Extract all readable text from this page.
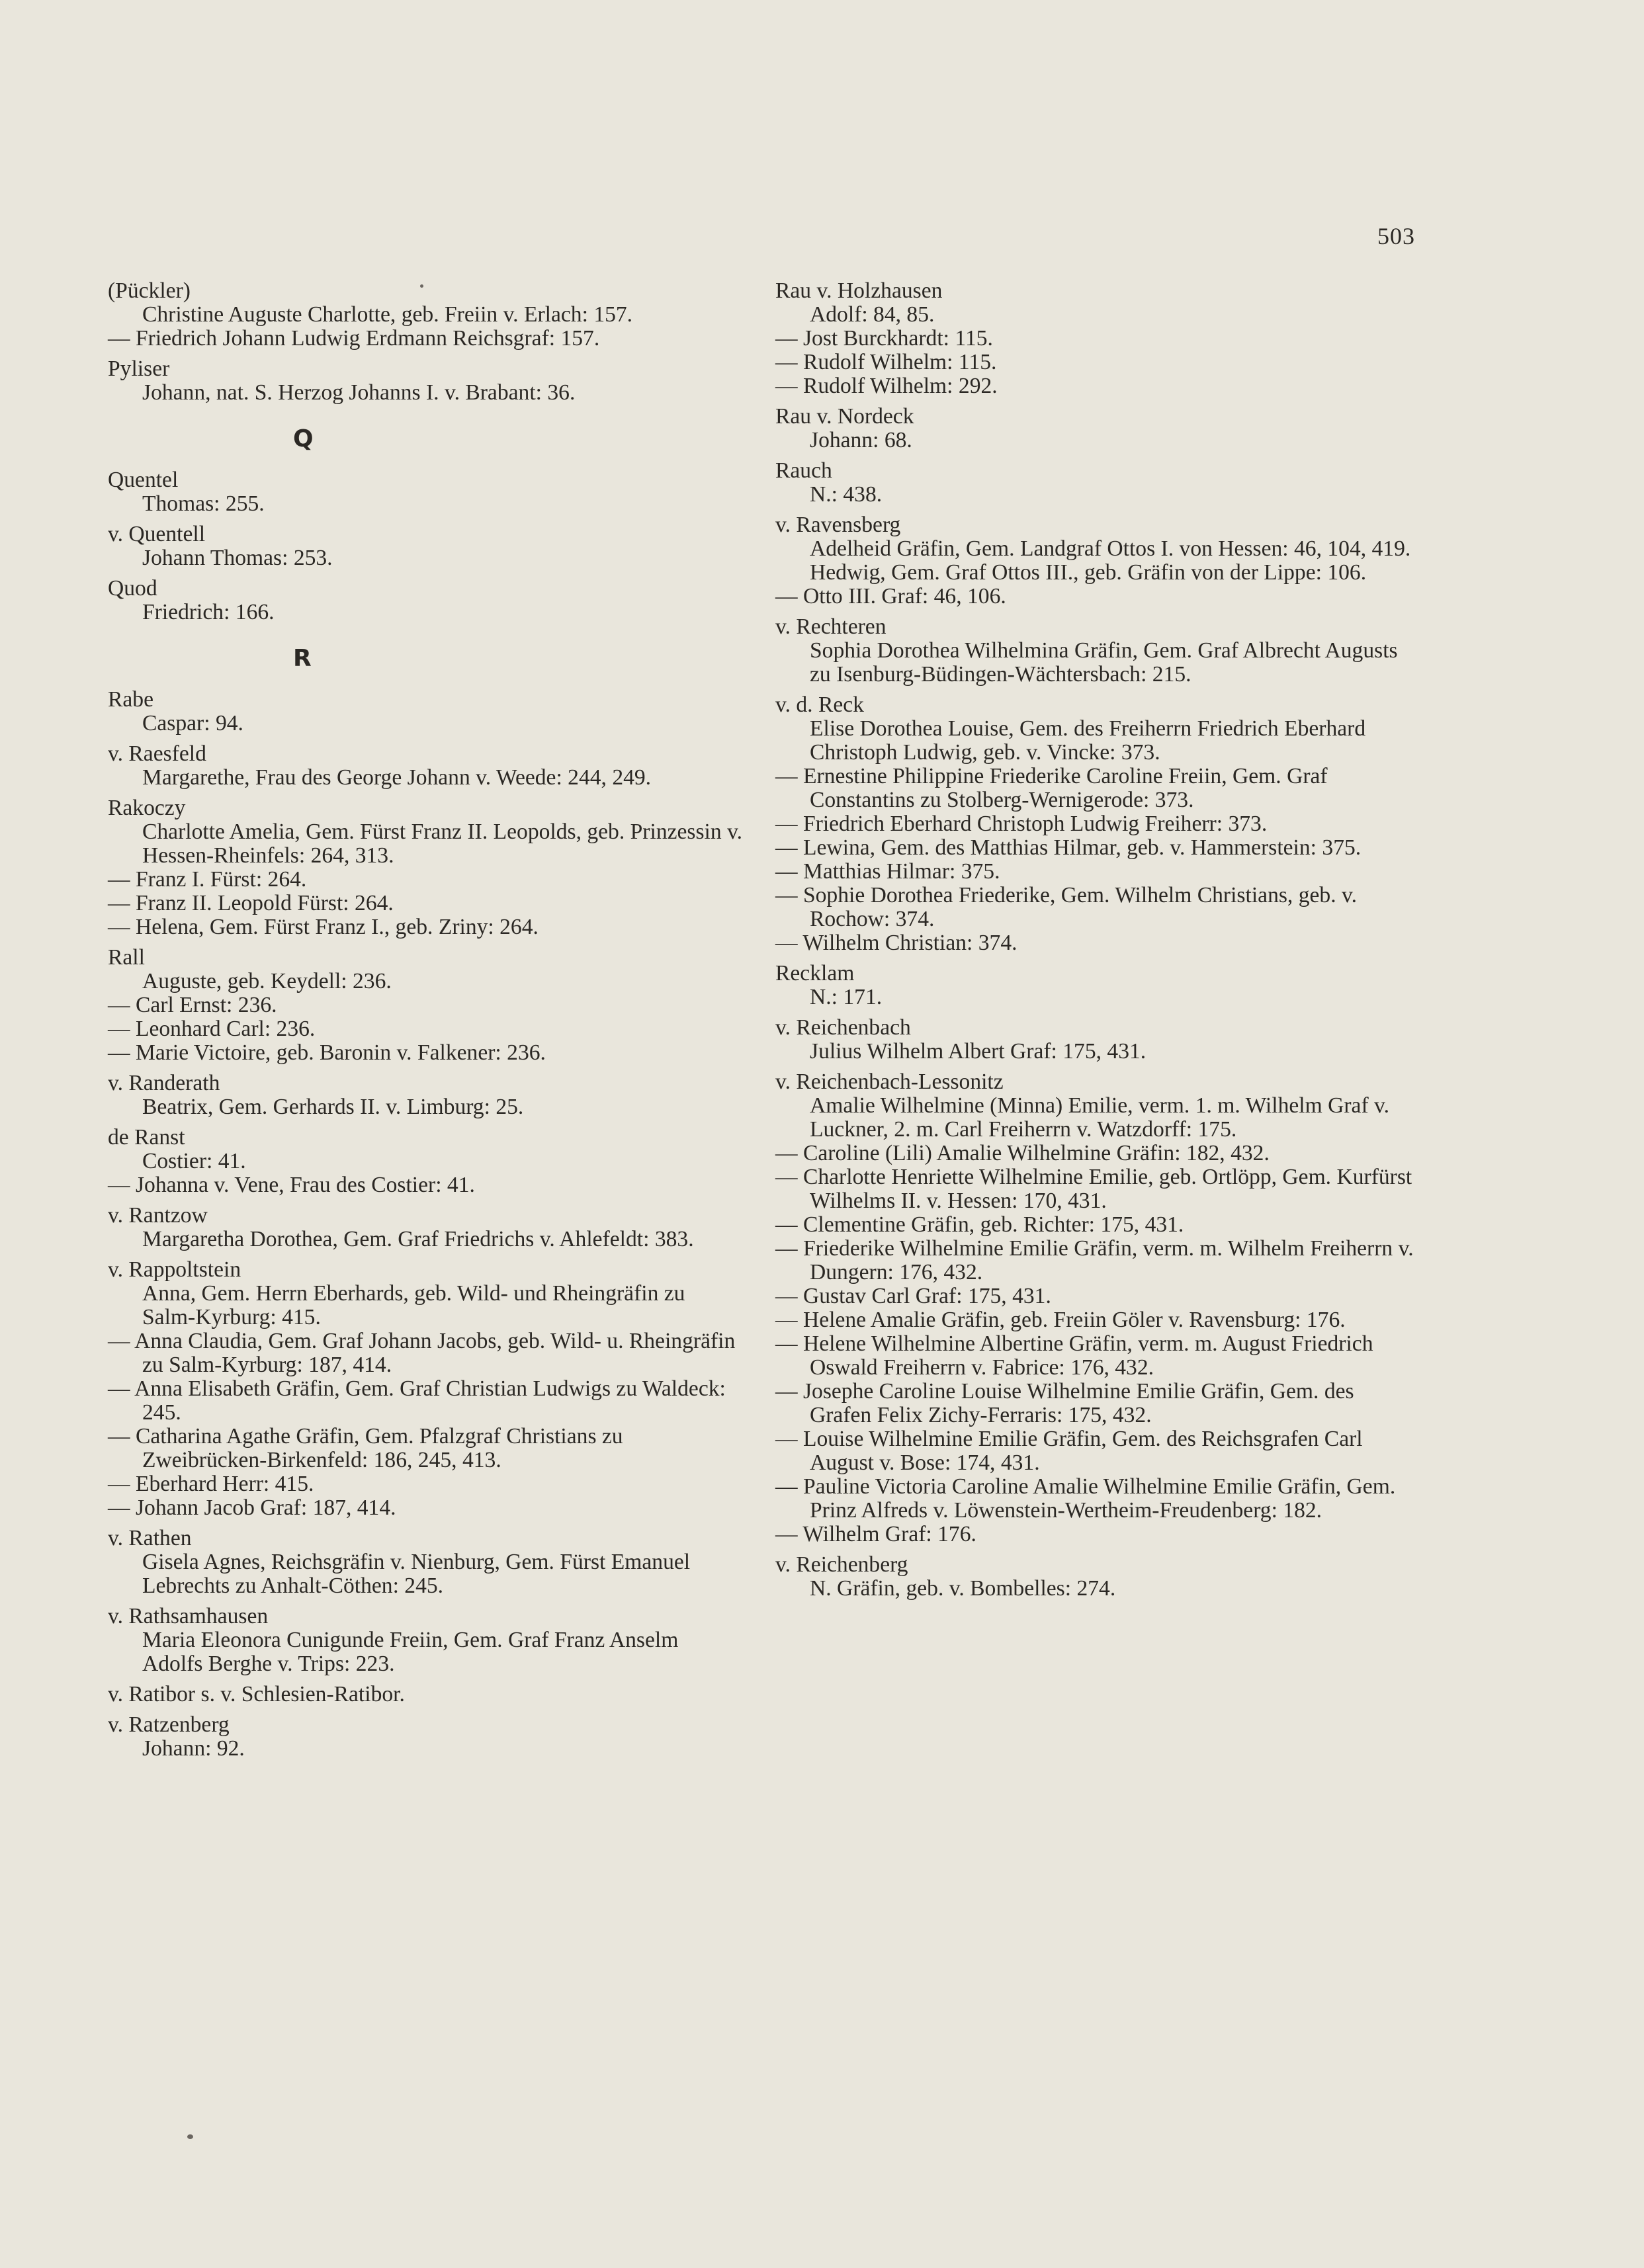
503
(Pückler)
Christine Auguste Charlotte, geb. Freiin v. Erlach: 157.
— Friedrich Johann Ludwig Erdmann Reichsgraf: 157.
Pyliser
Johann, nat. S. Herzog Johanns I. v. Brabant: 36.
Q
Quentel
Thomas: 255.
v. Quentell
Johann Thomas: 253.
Quod
Friedrich: 166.
R
Rabe
Caspar: 94.
v. Raesfeld
Margarethe, Frau des George Johann v. Weede: 244, 249.
Rakoczy
Charlotte Amelia, Gem. Fürst Franz II. Leopolds, geb. Prinzessin v. Hessen-Rheinfels: 264, 313.
— Franz I. Fürst: 264.
— Franz II. Leopold Fürst: 264.
— Helena, Gem. Fürst Franz I., geb. Zriny: 264.
Rall
Auguste, geb. Keydell: 236.
— Carl Ernst: 236.
— Leonhard Carl: 236.
— Marie Victoire, geb. Baronin v. Falkener: 236.
v. Randerath
Beatrix, Gem. Gerhards II. v. Limburg: 25.
de Ranst
Costier: 41.
— Johanna v. Vene, Frau des Costier: 41.
v. Rantzow
Margaretha Dorothea, Gem. Graf Friedrichs v. Ahlefeldt: 383.
v. Rappoltstein
Anna, Gem. Herrn Eberhards, geb. Wild- und Rheingräfin zu Salm-Kyrburg: 415.
— Anna Claudia, Gem. Graf Johann Jacobs, geb. Wild- u. Rheingräfin zu Salm-Kyrburg: 187, 414.
— Anna Elisabeth Gräfin, Gem. Graf Christian Ludwigs zu Waldeck: 245.
— Catharina Agathe Gräfin, Gem. Pfalzgraf Christians zu Zweibrücken-Birkenfeld: 186, 245, 413.
— Eberhard Herr: 415.
— Johann Jacob Graf: 187, 414.
v. Rathen
Gisela Agnes, Reichsgräfin v. Nienburg, Gem. Fürst Emanuel Lebrechts zu Anhalt-Cöthen: 245.
v. Rathsamhausen
Maria Eleonora Cunigunde Freiin, Gem. Graf Franz Anselm Adolfs Berghe v. Trips: 223.
v. Ratibor s. v. Schlesien-Ratibor.
v. Ratzenberg
Johann: 92.
Rau v. Holzhausen
Adolf: 84, 85.
— Jost Burckhardt: 115.
— Rudolf Wilhelm: 115.
— Rudolf Wilhelm: 292.
Rau v. Nordeck
Johann: 68.
Rauch
N.: 438.
v. Ravensberg
Adelheid Gräfin, Gem. Landgraf Ottos I. von Hessen: 46, 104, 419.
Hedwig, Gem. Graf Ottos III., geb. Gräfin von der Lippe: 106.
— Otto III. Graf: 46, 106.
v. Rechteren
Sophia Dorothea Wilhelmina Gräfin, Gem. Graf Albrecht Augusts zu Isenburg-Büdingen-Wächtersbach: 215.
v. d. Reck
Elise Dorothea Louise, Gem. des Freiherrn Friedrich Eberhard Christoph Ludwig, geb. v. Vincke: 373.
— Ernestine Philippine Friederike Caroline Freiin, Gem. Graf Constantins zu Stolberg-Wernigerode: 373.
— Friedrich Eberhard Christoph Ludwig Freiherr: 373.
— Lewina, Gem. des Matthias Hilmar, geb. v. Hammerstein: 375.
— Matthias Hilmar: 375.
— Sophie Dorothea Friederike, Gem. Wilhelm Christians, geb. v. Rochow: 374.
— Wilhelm Christian: 374.
Recklam
N.: 171.
v. Reichenbach
Julius Wilhelm Albert Graf: 175, 431.
v. Reichenbach-Lessonitz
Amalie Wilhelmine (Minna) Emilie, verm. 1. m. Wilhelm Graf v. Luckner, 2. m. Carl Freiherrn v. Watzdorff: 175.
— Caroline (Lili) Amalie Wilhelmine Gräfin: 182, 432.
— Charlotte Henriette Wilhelmine Emilie, geb. Ortlöpp, Gem. Kurfürst Wilhelms II. v. Hessen: 170, 431.
— Clementine Gräfin, geb. Richter: 175, 431.
— Friederike Wilhelmine Emilie Gräfin, verm. m. Wilhelm Freiherrn v. Dungern: 176, 432.
— Gustav Carl Graf: 175, 431.
— Helene Amalie Gräfin, geb. Freiin Göler v. Ravensburg: 176.
— Helene Wilhelmine Albertine Gräfin, verm. m. August Friedrich Oswald Freiherrn v. Fabrice: 176, 432.
— Josephe Caroline Louise Wilhelmine Emilie Gräfin, Gem. des Grafen Felix Zichy-Ferraris: 175, 432.
— Louise Wilhelmine Emilie Gräfin, Gem. des Reichsgrafen Carl August v. Bose: 174, 431.
— Pauline Victoria Caroline Amalie Wilhelmine Emilie Gräfin, Gem. Prinz Alfreds v. Löwenstein-Wertheim-Freudenberg: 182.
— Wilhelm Graf: 176.
v. Reichenberg
N. Gräfin, geb. v. Bombelles: 274.
